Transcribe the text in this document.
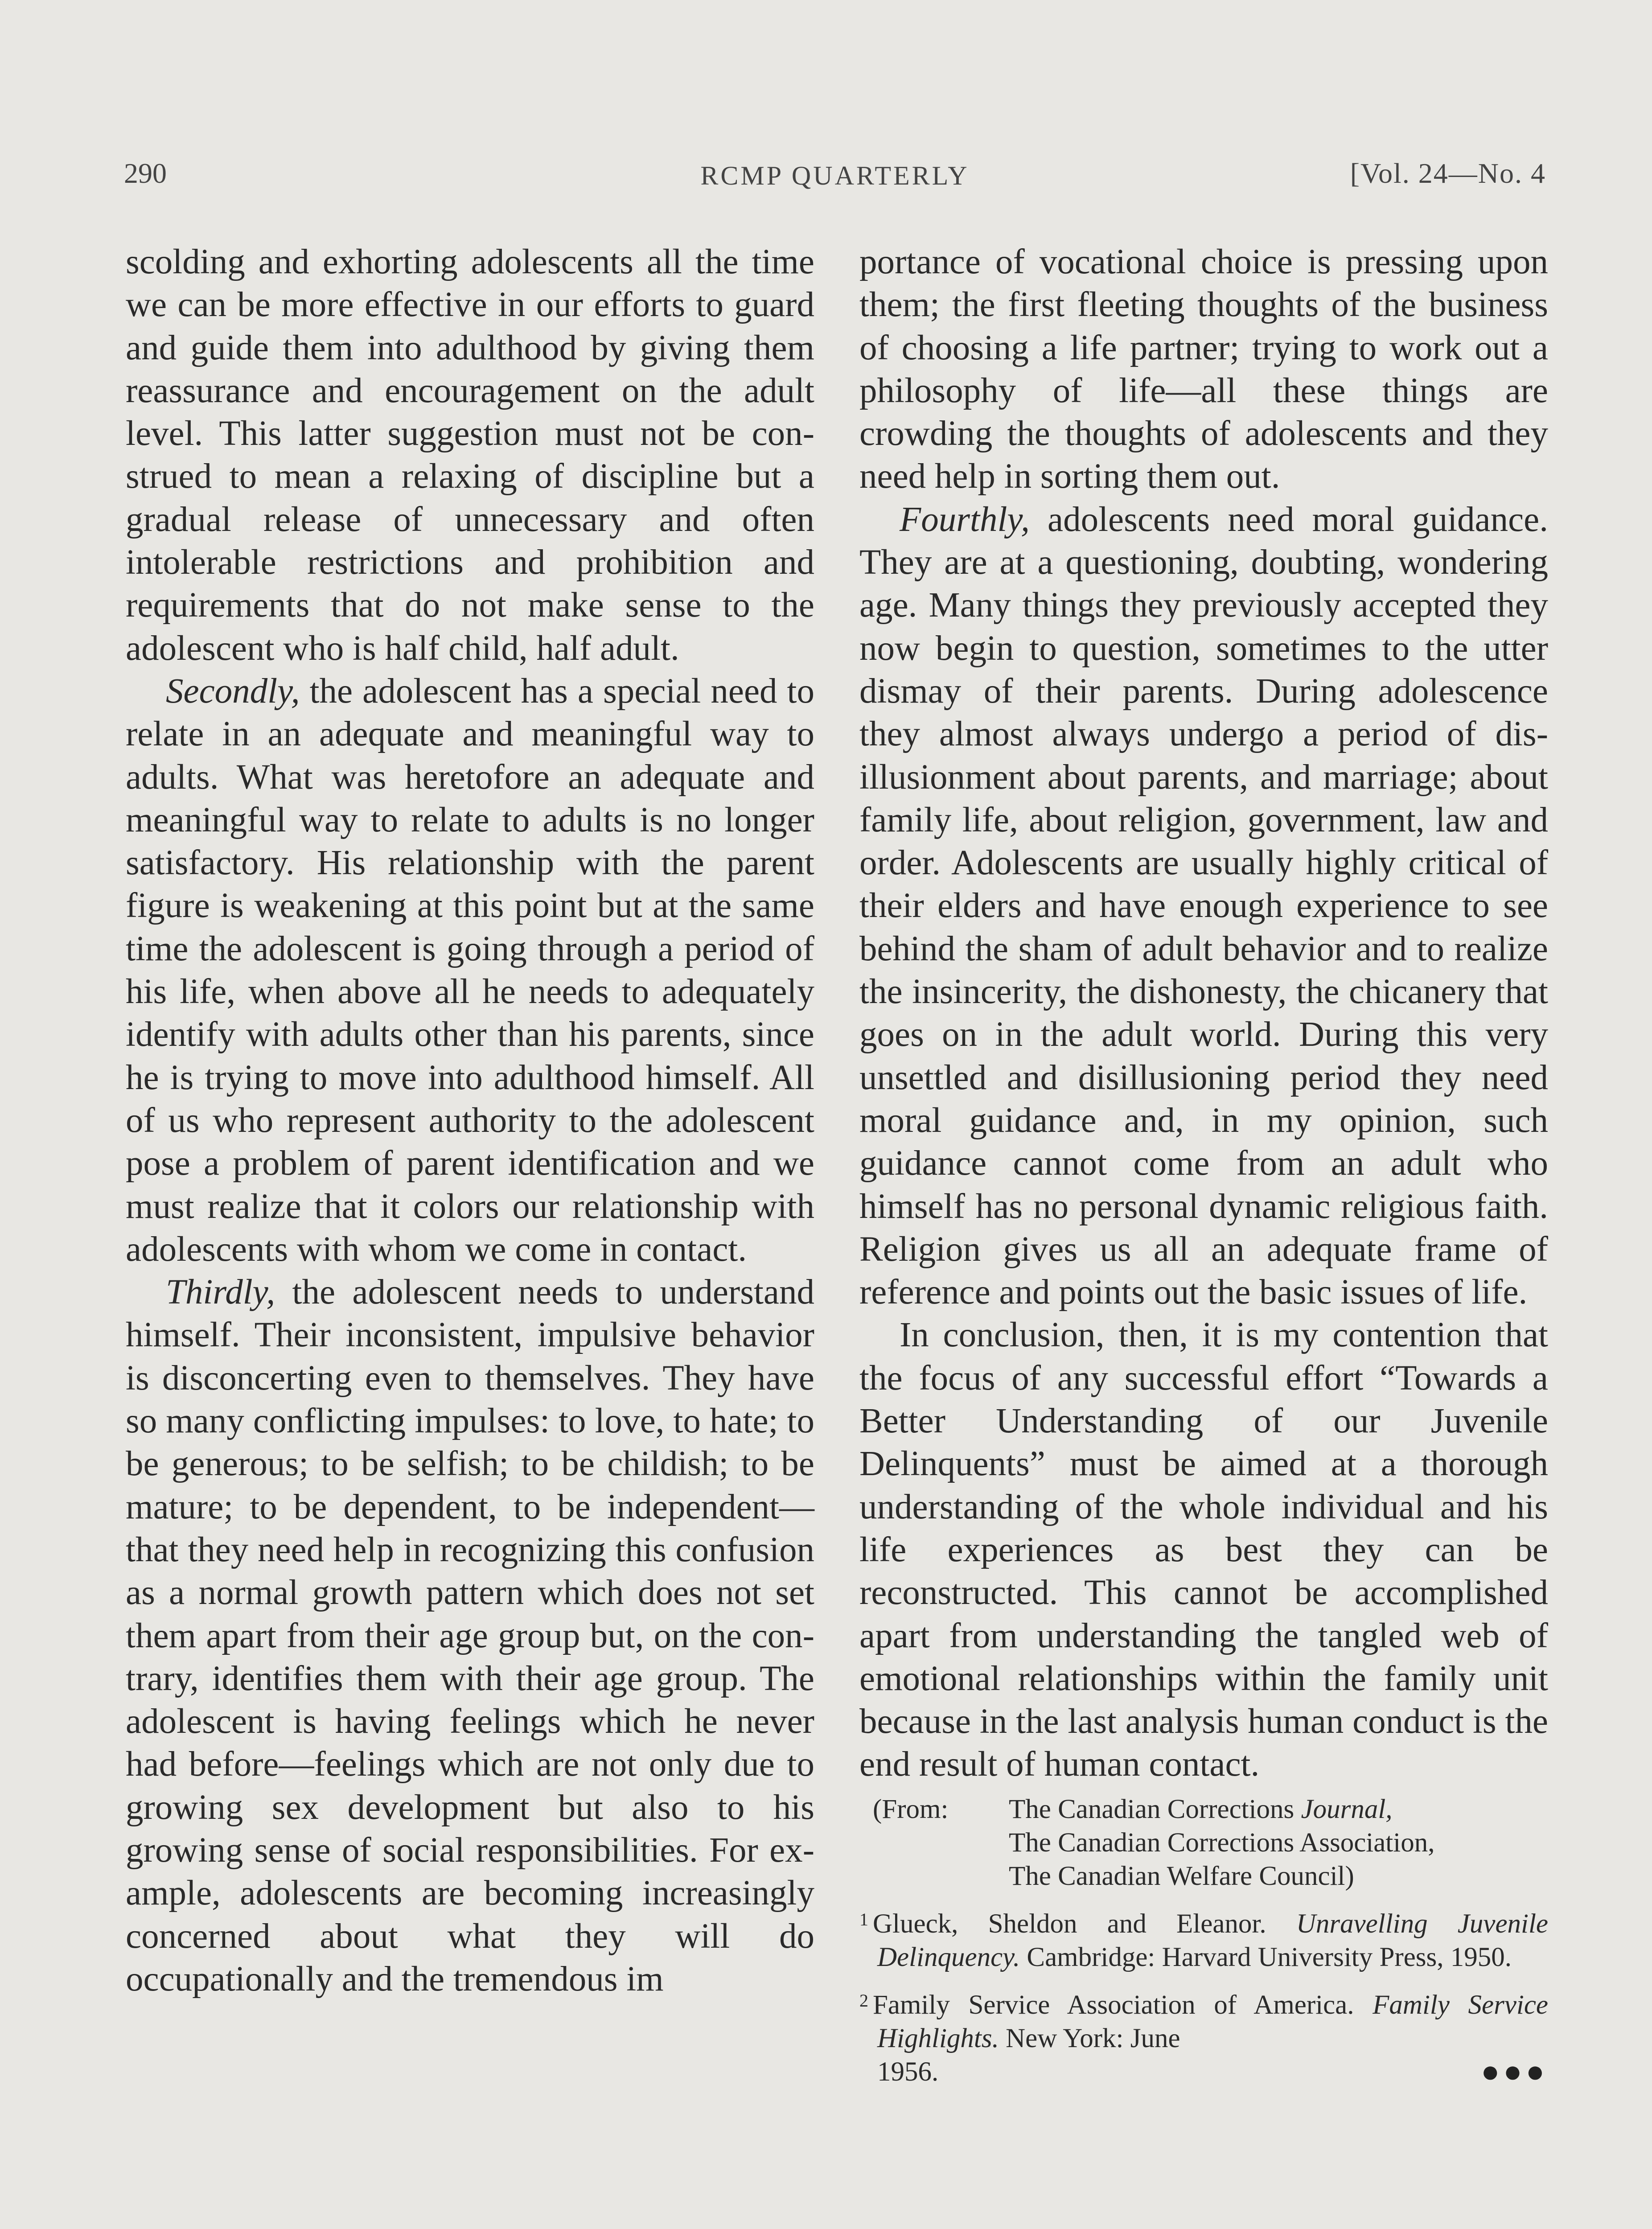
290	RCMP QUARTERLY	[Vol. 24—No. 4

scolding and exhorting adolescents all the time we can be more effective in our efforts to guard and guide them into adulthood by giving them reassurance and encouragement on the adult level. This latter suggestion must not be construed to mean a relaxing of discipline but a gradual release of unnecessary and often intolerable restrictions and prohibition and requirements that do not make sense to the adolescent who is half child, half adult.

Secondly, the adolescent has a special need to relate in an adequate and meaningful way to adults. What was heretofore an adequate and meaningful way to relate to adults is no longer satisfactory. His relationship with the parent figure is weakening at this point but at the same time the adolescent is going through a period of his life, when above all he needs to adequately identify with adults other than his parents, since he is trying to move into adulthood himself. All of us who represent authority to the adolescent pose a problem of parent identification and we must realize that it colors our relationship with adolescents with whom we come in contact.

Thirdly, the adolescent needs to understand himself. Their inconsistent, impulsive behavior is disconcerting even to themselves. They have so many conflicting impulses: to love, to hate; to be generous; to be selfish; to be childish; to be mature; to be dependent, to be independent—that they need help in recognizing this confusion as a normal growth pattern which does not set them apart from their age group but, on the contrary, identifies them with their age group. The adolescent is having feelings which he never had before—feelings which are not only due to growing sex development but also to his growing sense of social responsibilities. For example, adolescents are becoming increasingly concerned about what they will do occupationally and the tremendous im

portance of vocational choice is pressing upon them; the first fleeting thoughts of the business of choosing a life partner; trying to work out a philosophy of life—all these things are crowding the thoughts of adolescents and they need help in sorting them out.

Fourthly, adolescents need moral guidance. They are at a questioning, doubting, wondering age. Many things they previously accepted they now begin to question, sometimes to the utter dismay of their parents. During adolescence they almost always undergo a period of disillusionment about parents, and marriage; about family life, about religion, government, law and order. Adolescents are usually highly critical of their elders and have enough experience to see behind the sham of adult behavior and to realize the insincerity, the dishonesty, the chicanery that goes on in the adult world. During this very unsettled and disillusioning period they need moral guidance and, in my opinion, such guidance cannot come from an adult who himself has no personal dynamic religious faith. Religion gives us all an adequate frame of reference and points out the basic issues of life.

In conclusion, then, it is my contention that the focus of any successful effort “Towards a Better Understanding of our Juvenile Delinquents” must be aimed at a thorough understanding of the whole individual and his life experiences as best they can be reconstructed. This cannot be accomplished apart from understanding the tangled web of emotional relationships within the family unit because in the last analysis human conduct is the end result of human contact.

(From:	The Canadian Corrections Journal,
The Canadian Corrections Association,
The Canadian Welfare Council)

$^1$ Glueck, Sheldon and Eleanor. Unravelling Juvenile Delinquency. Cambridge: Harvard University Press, 1950.

$^2$ Family Service Association of America. Family Service Highlights. New York: June
1956.	●●●
